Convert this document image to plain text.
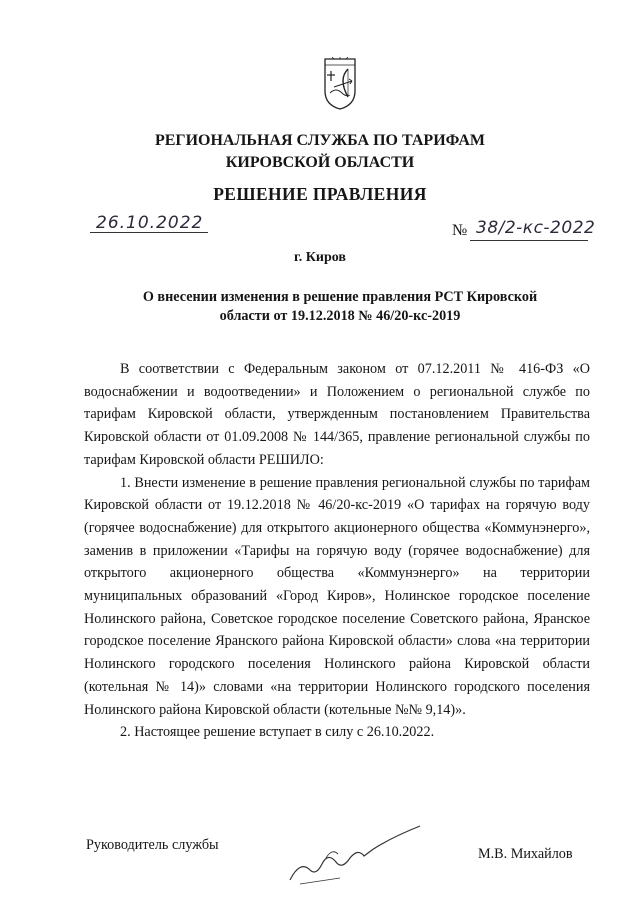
РЕГИОНАЛЬНАЯ СЛУЖБА ПО ТАРИФАМ
КИРОВСКОЙ ОБЛАСТИ
РЕШЕНИЕ ПРАВЛЕНИЯ
26.10.2022	№ 38/2-кс-2022
г. Киров
О внесении изменения в решение правления РСТ Кировской области от 19.12.2018 № 46/20-кс-2019

В соответствии с Федеральным законом от 07.12.2011 № 416-ФЗ «О водоснабжении и водоотведении» и Положением о региональной службе по тарифам Кировской области, утвержденным постановлением Правительства Кировской области от 01.09.2008 № 144/365, правление региональной службы по тарифам Кировской области РЕШИЛО:

1. Внести изменение в решение правления региональной службы по тарифам Кировской области от 19.12.2018 № 46/20-кс-2019 «О тарифах на горячую воду (горячее водоснабжение) для открытого акционерного общества «Коммунэнерго», заменив в приложении «Тарифы на горячую воду (горячее водоснабжение) для открытого акционерного общества «Коммунэнерго» на территории муниципальных образований «Город Киров», Нолинское городское поселение Нолинского района, Советское городское поселение Советского района, Яранское городское поселение Яранского района Кировской области» слова «на территории Нолинского городского поселения Нолинского района Кировской области (котельная № 14)» словами «на территории Нолинского городского поселения Нолинского района Кировской области (котельные №№ 9,14)».

2. Настоящее решение вступает в силу с 26.10.2022.

Руководитель службы
М.В. Михайлов
